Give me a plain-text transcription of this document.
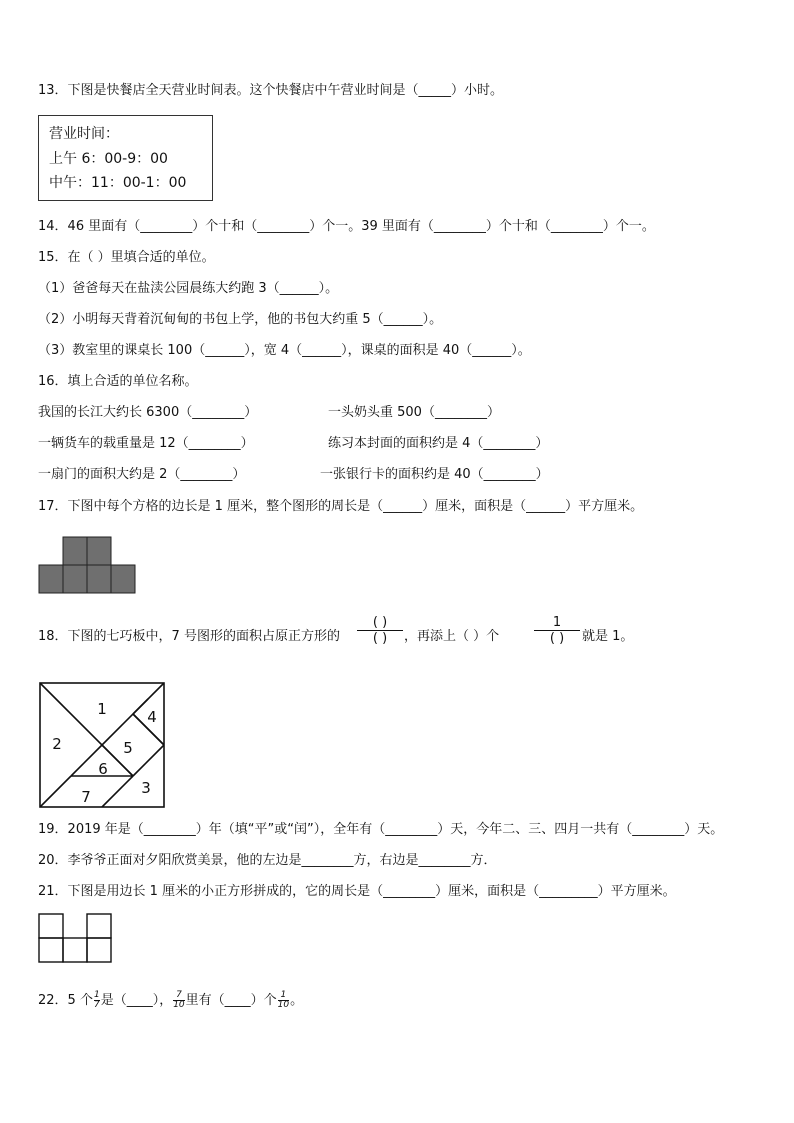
13．下图是快餐店全天营业时间表。这个快餐店中午营业时间是（_____）小时。
营业时间：
上午 6：00-9：00
中午：11：00-1：00
14．46 里面有（________）个十和（________）个一。39 里面有（________）个十和（________）个一。
15．在（ ）里填合适的单位。
（1）爸爸每天在盐渎公园晨练大约跑 3（______）。
（2）小明每天背着沉甸甸的书包上学，他的书包大约重 5（______）。
（3）教室里的课桌长 100（______），宽 4（______），课桌的面积是 40（______）。
16．填上合适的单位名称。
我国的长江大约长 6300（________）	一头奶头重 500（________）
一辆货车的载重量是 12（________）	练习本封面的面积约是 4（________）
一扇门的面积大约是 2（________）	一张银行卡的面积约是 40（________）
17．下图中每个方格的边长是 1 厘米，整个图形的周长是（______）厘米，面积是（______）平方厘米。
18．下图的七巧板中，7 号图形的面积占原正方形的
( )
( )	，再添上（ ）个
1
( )	就是 1。
1
2
3
4
5
6
7
19．2019 年是（________）年（填“平”或“闰”），全年有（________）天，今年二、三、四月一共有（________）天。
20．李爷爷正面对夕阳欣赏美景，他的左边是________方，右边是________方．
21．下图是用边长 1 厘米的小正方形拼成的，它的周长是（________）厘米，面积是（_________）平方厘米。
22．5 个 $\frac{1}{7}$ 是（____）， $\frac{7}{10}$ 里有（____）个 $\frac{1}{10}$ 。
